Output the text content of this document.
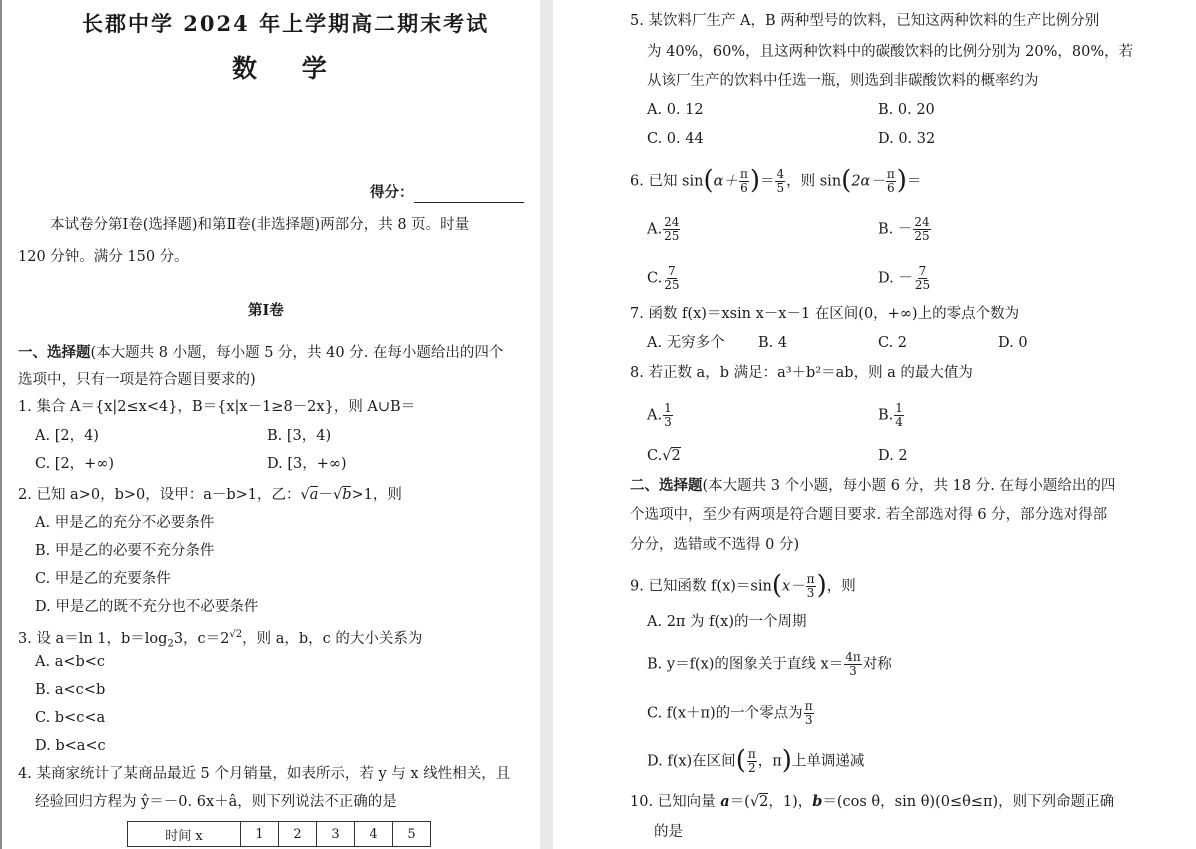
长郡中学 2024 年上学期高二期末考试
数 学
得分：
本试卷分第Ⅰ卷(选择题)和第Ⅱ卷(非选择题)两部分，共 8 页。时量
120 分钟。满分 150 分。
第Ⅰ卷
一、选择题(本大题共 8 小题，每小题 5 分，共 40 分. 在每小题给出的四个
选项中，只有一项是符合题目要求的)
1. 集合 A＝{x|2≤x<4}，B＝{x|x－1≥8－2x}，则 A∪B＝
A. [2，4)	B. [3，4)
C. [2，+∞)	D. [3，+∞)
2. 已知 a>0，b>0，设甲：a－b>1，乙：√a－√b>1，则
A. 甲是乙的充分不必要条件
B. 甲是乙的必要不充分条件
C. 甲是乙的充要条件
D. 甲是乙的既不充分也不必要条件
3. 设 a＝ln 1，$b=\log_23$，$c=2^{√2}$，则 a，b，c 的大小关系为
A. a<b<c
B. a<c<b
C. b<c<a
D. b<a<c
4. 某商家统计了某商品最近 5 个月销量，如表所示，若 y 与 x 线性相关，且
经验回归方程为 ŷ＝－0. 6x＋â，则下列说法不正确的是
时间 x	1	2	3	4	5
5. 某饮料厂生产 A，B 两种型号的饮料，已知这两种饮料的生产比例分别
为 40%，60%，且这两种饮料中的碳酸饮料的比例分别为 20%，80%，若
从该厂生产的饮料中任选一瓶，则选到非碳酸饮料的概率约为
A. 0. 12	B. 0. 20
C. 0. 44	D. 0. 32
6. 已知 $\sin(\alpha+ \frac{\pi}{6}$ )＝ $\frac{4}{5}$ ，则 $\sin(2\alpha- \frac{\pi}{6}$ )＝
A. $\frac{24}{25}$	B. － $\frac{24}{25}$
C. $\frac{7}{25}$	D. － $\frac{7}{25}$
7. 函数 f(x)＝xsin x－x－1 在区间(0，+∞)上的零点个数为
A. 无穷多个 B. 4	C. 2	D. 0
8. 若正数 a，b 满足：a³＋b²＝ab，则 a 的最大值为
A. $\frac{1}{3}$	B. $\frac{1}{4}$
C.√2	D. 2
二、选择题(本大题共 3 个小题，每小题 6 分，共 18 分. 在每小题给出的四
个选项中，至少有两项是符合题目要求. 若全部选对得 6 分，部分选对得部
分分，选错或不选得 0 分)
9. 已知函数 $f(x)=\sin(x- \frac{\pi}{3}$ )，则
A. 2π 为 f(x)的一个周期
B. y＝f(x)的图象关于直线 $x= \frac{4\pi}{3}$ 对称
C. f(x＋π)的一个零点为 $\frac{\pi}{3}$
D. f(x)在区间( $\frac{\pi}{2}$ ，π)上单调递减
10. 已知向量 a＝(√2，1)，b＝(cos θ，sin θ)(0≤θ≤π)，则下列命题正确
的是
